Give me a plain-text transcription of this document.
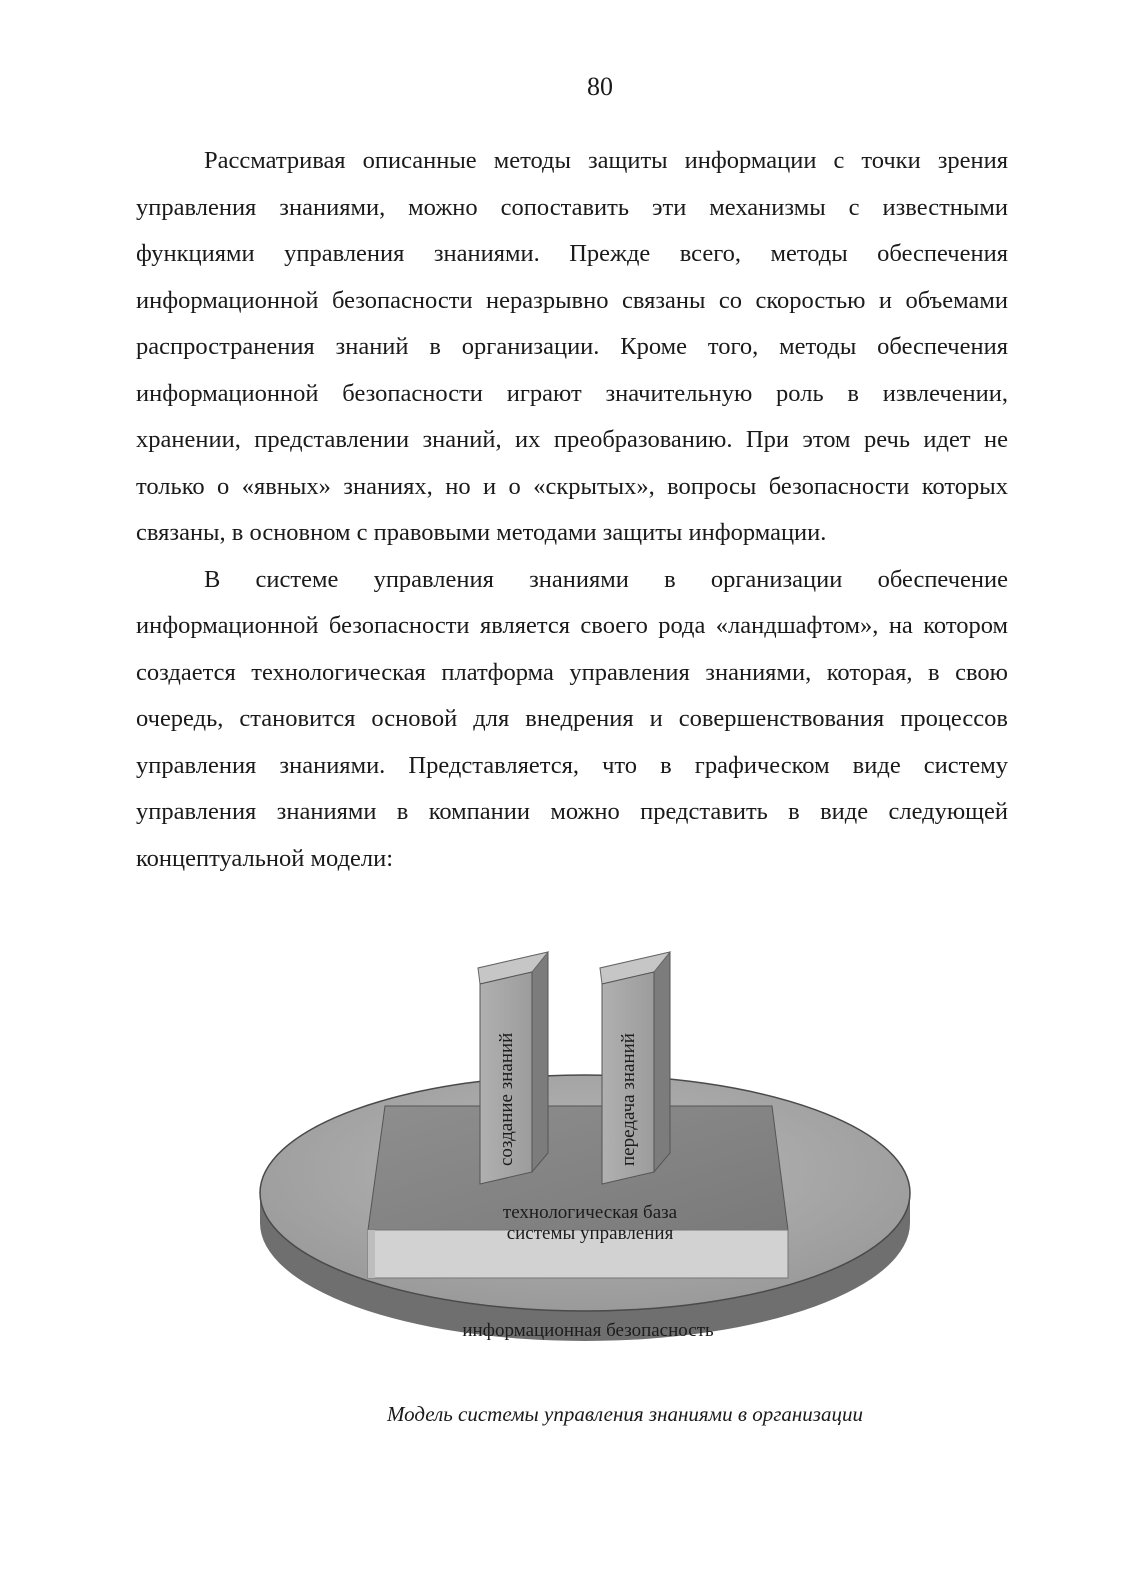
80

Рассматривая описанные методы защиты информации с точки зрения управления знаниями, можно сопоставить эти механизмы с известными функциями управления знаниями. Прежде всего, методы обеспечения информационной безопасности неразрывно связаны со скоростью и объемами распространения знаний в организации. Кроме того, методы обеспечения информационной безопасности играют значительную роль в извлечении, хранении, представлении знаний, их преобразованию. При этом речь идет не только о «явных» знаниях, но и о «скрытых», вопросы безопасности которых связаны, в основном с правовыми методами защиты информации.

В системе управления знаниями в организации обеспечение информационной безопасности является своего рода «ландшафтом», на котором создается технологическая платформа управления знаниями, которая, в свою очередь, становится основой для внедрения и совершенствования процессов управления знаниями. Представляется, что в графическом виде систему управления знаниями в компании можно представить в виде следующей концептуальной модели:

информационная безопасность
технологическая база
системы управления
создание знаний	передача знаний
Модель системы управления знаниями в организации
